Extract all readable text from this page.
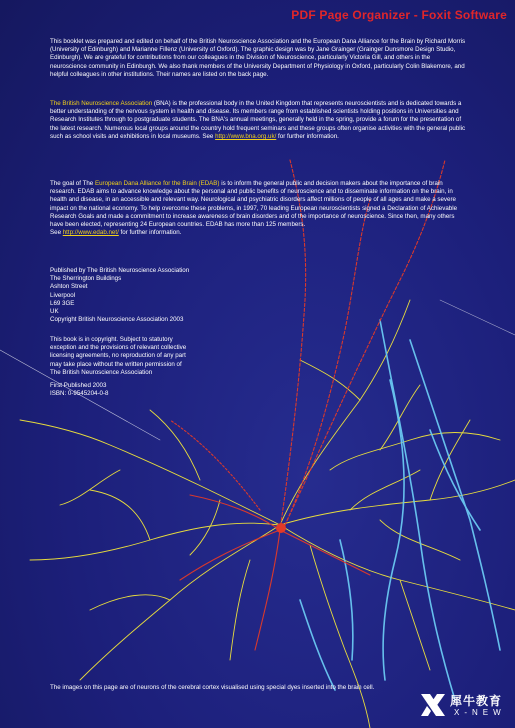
PDF Page Organizer - Foxit Software
This booklet was prepared and edited on behalf of the British Neuroscience Association and the European Dana Alliance for the Brain by Richard Morris (University of Edinburgh) and Marianne Fillenz (University of Oxford). The graphic design was by Jane Grainger (Grainger Dunsmore Design Studio, Edinburgh). We are grateful for contributions from our colleagues in the Division of Neuroscience, particularly Victoria Gill, and others in the neuroscience community in Edinburgh. We also thank members of the University Department of Physiology in Oxford, particularly Colin Blakemore, and helpful colleagues in other institutions. Their names are listed on the back page.
The British Neuroscience Association (BNA) is the professional body in the United Kingdom that represents neuroscientists and is dedicated towards a better understanding of the nervous system in health and disease. Its members range from established scientists holding positions in Universities and Research Institutes through to postgraduate students. The BNA's annual meetings, generally held in the spring, provide a forum for the presentation of the latest research. Numerous local groups around the country hold frequent seminars and these groups often organise activities with the general public such as school visits and exhibitions in local museums. See http://www.bna.org.uk/ for further information.
The goal of The European Dana Alliance for the Brain (EDAB) is to inform the general public and decision makers about the importance of brain research. EDAB aims to advance knowledge about the personal and public benefits of neuroscience and to disseminate information on the brain, in health and disease, in an accessible and relevant way. Neurological and psychiatric disorders affect millions of people of all ages and make a severe impact on the national economy. To help overcome these problems, in 1997, 70 leading European neuroscientists signed a Declaration of Achievable Research Goals and made a commitment to increase awareness of brain disorders and of the importance of neuroscience. Since then, many others have been elected, representing 24 European countries. EDAB has more than 125 members.
See http://www.edab.net/ for further information.
Published by The British Neuroscience Association
The Sherrington Buildings
Ashton Street
Liverpool
L69 3GE
UK
Copyright British Neuroscience Association 2003
This book is in copyright. Subject to statutory exception and the provisions of relevant collective licensing agreements, no reproduction of any part may take place without the written permission of The British Neuroscience Association
First Published 2003
ISBN: 0-9545204-0-8
The images on this page are of neurons of the cerebral cortex visualised using special dyes inserted into the brain cell.
犀牛教育
X-NEW
